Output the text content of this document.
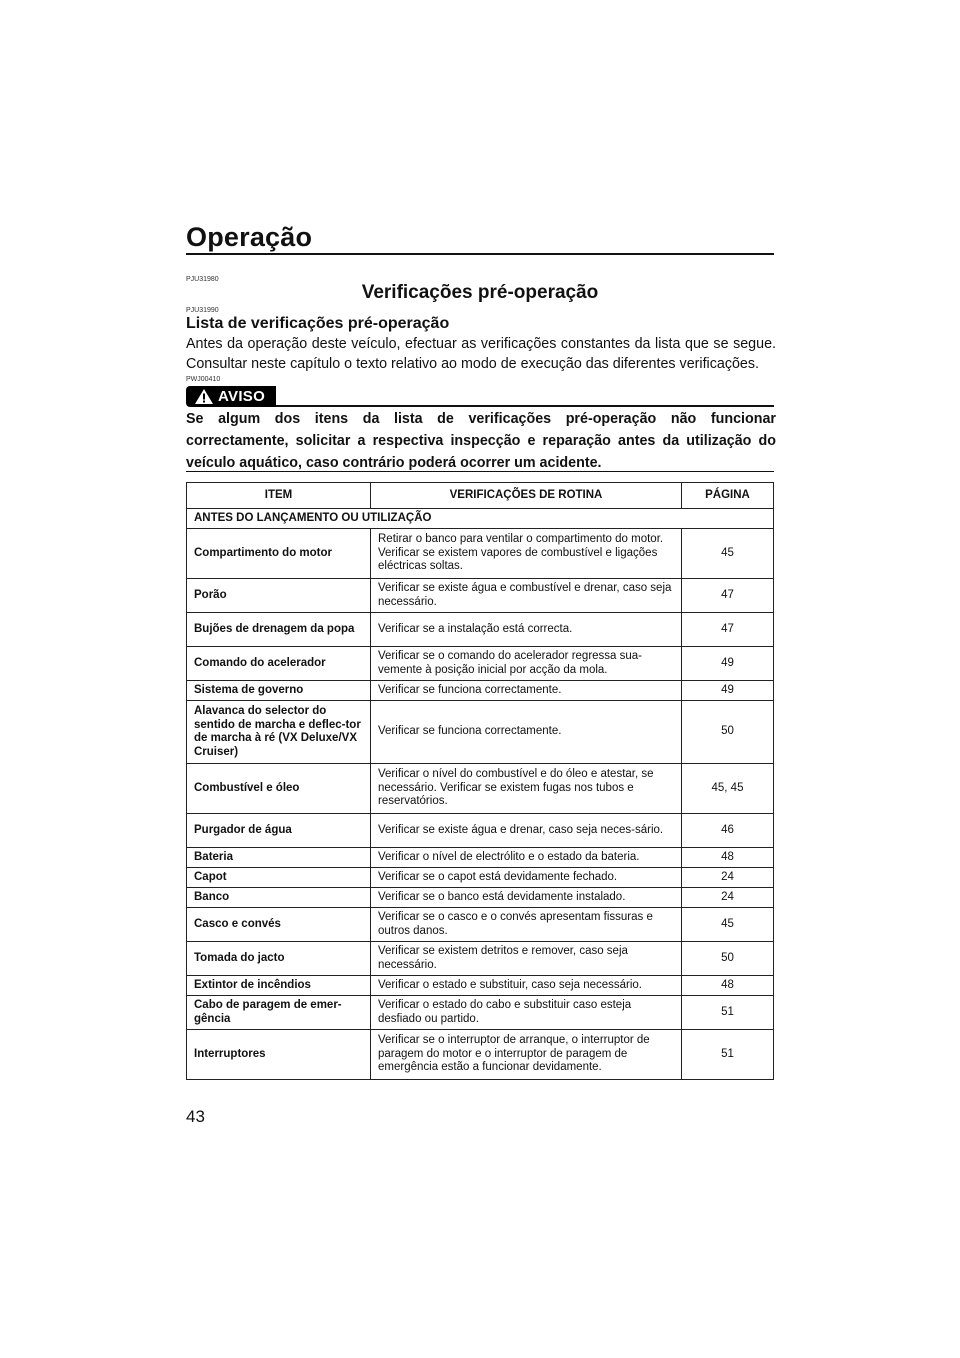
Operação
PJU31980
Verificações pré-operação
PJU31990
Lista de verificações pré-operação
Antes da operação deste veículo, efectuar as verificações constantes da lista que se segue. Consultar neste capítulo o texto relativo ao modo de execução das diferentes verificações.
PWJ00410
AVISO
Se algum dos itens da lista de verificações pré-operação não funcionar correctamente, solicitar a respectiva inspecção e reparação antes da utilização do veículo aquático, caso contrário poderá ocorrer um acidente.
ITEM	VERIFICAÇÕES DE ROTINA	PÁGINA
ANTES DO LANÇAMENTO OU UTILIZAÇÃO		
Compartimento do motor	Retirar o banco para ventilar o compartimento do motor. Verificar se existem vapores de combustível e ligações eléctricas soltas.	45
Porão	Verificar se existe água e combustível e drenar, caso seja necessário.	47
Bujões de drenagem da popa	Verificar se a instalação está correcta.	47
Comando do acelerador	Verificar se o comando do acelerador regressa sua-vemente à posição inicial por acção da mola.	49
Sistema de governo	Verificar se funciona correctamente.	49
Alavanca do selector do sentido de marcha e deflec-tor de marcha à ré (VX Deluxe/VX Cruiser)	Verificar se funciona correctamente.	50
Combustível e óleo	Verificar o nível do combustível e do óleo e atestar, se necessário. Verificar se existem fugas nos tubos e reservatórios.	45, 45
Purgador de água	Verificar se existe água e drenar, caso seja neces-sário.	46
Bateria	Verificar o nível de electrólito e o estado da bateria.	48
Capot	Verificar se o capot está devidamente fechado.	24
Banco	Verificar se o banco está devidamente instalado.	24
Casco e convés	Verificar se o casco e o convés apresentam fissuras e outros danos.	45
Tomada do jacto	Verificar se existem detritos e remover, caso seja necessário.	50
Extintor de incêndios	Verificar o estado e substituir, caso seja necessário.	48
Cabo de paragem de emer-gência	Verificar o estado do cabo e substituir caso esteja desfiado ou partido.	51
Interruptores	Verificar se o interruptor de arranque, o interruptor de paragem do motor e o interruptor de paragem de emergência estão a funcionar devidamente.	51
43
